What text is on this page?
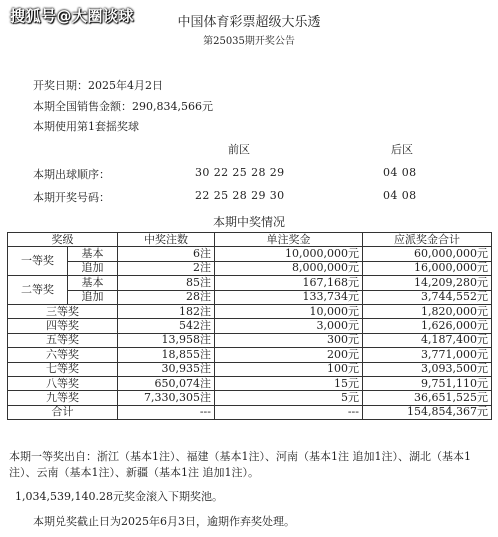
搜狐号@大圈谈球	中国体育彩票超级大乐透
第25035期开奖公告
开奖日期：2025年4月2日
本期全国销售金额：290,834,566元
本期使用第1套摇奖球
前区	后区
本期出球顺序：	30 22 25 28 29	04 08
本期开奖号码：	22 25 28 29 30	04 08
本期中奖情况
奖级		中奖注数	单注奖金	应派奖金合计
一等奖	基本	6注	10,000,000元	60,000,000元
	追加	2注	8,000,000元	16,000,000元
二等奖	基本	85注	167,168元	14,209,280元
	追加	28注	133,734元	3,744,552元
三等奖		182注	10,000元	1,820,000元
四等奖		542注	3,000元	1,626,000元
五等奖		13,958注	300元	4,187,400元
六等奖		18,855注	200元	3,771,000元
七等奖		30,935注	100元	3,093,500元
八等奖		650,074注	15元	9,751,110元
九等奖		7,330,305注	5元	36,651,525元
合计		---	---	154,854,367元
本期一等奖出自：浙江（基本1注）、福建（基本1注）、河南（基本1注 追加1注）、湖北（基本1注）、云南（基本1注）、新疆（基本1注 追加1注）。
1,034,539,140.28元奖金滚入下期奖池。
本期兑奖截止日为2025年6月3日，逾期作弃奖处理。
